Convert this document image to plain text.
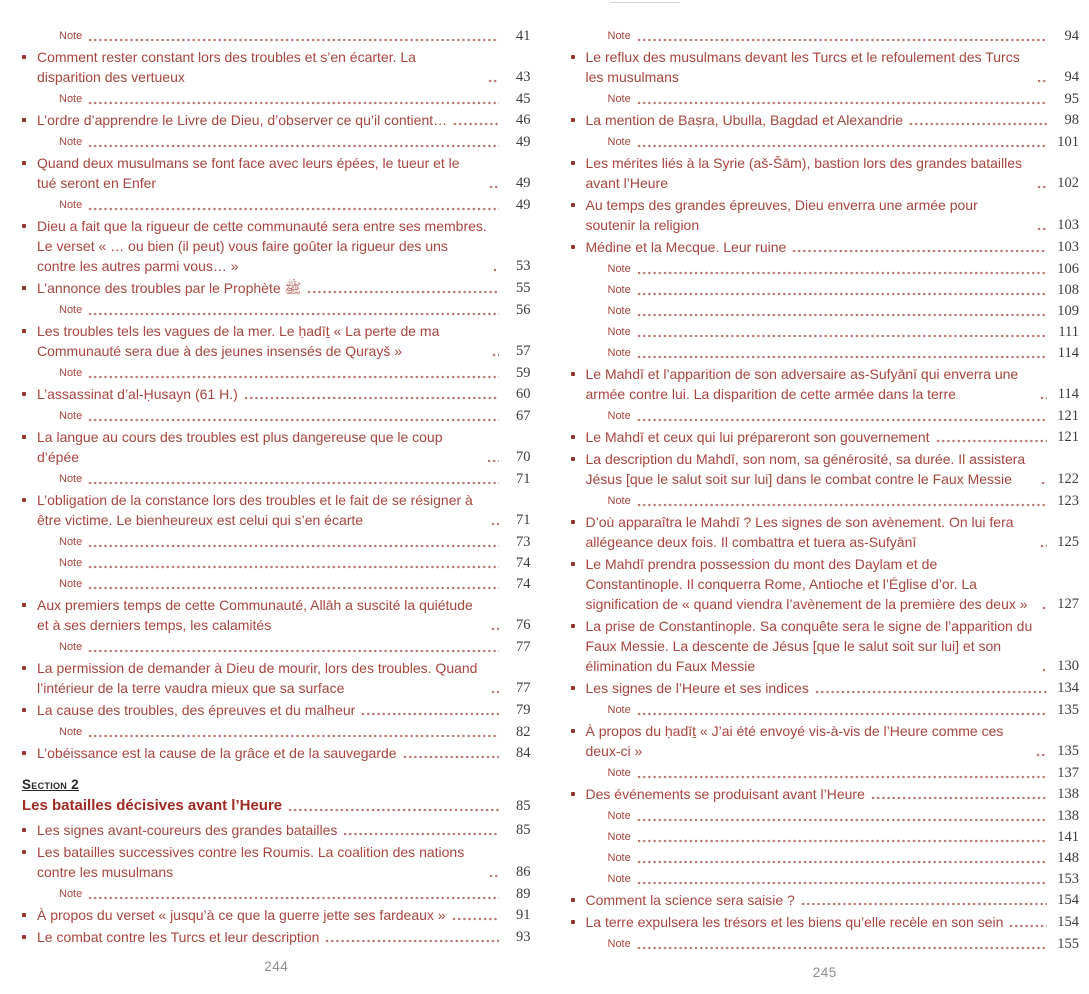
Note	41
Comment rester constant lors des troubles et s’en écarter. La disparition des vertueux	43
Note	45
L’ordre d’apprendre le Livre de Dieu, d’observer ce qu’il contient…	46
Note	49
Quand deux musulmans se font face avec leurs épées, le tueur et le tué seront en Enfer	49
Note	49
Dieu a fait que la rigueur de cette communauté sera entre ses membres. Le verset « … ou bien (il peut) vous faire goûter la rigueur des uns contre les autres parmi vous… »	53
L’annonce des troubles par le Prophète ﷺ	55
Note	56
Les troubles tels les vagues de la mer. Le ḥadīṯ « La perte de ma Communauté sera due à des jeunes insensés de Qurayš »	57
Note	59
L’assassinat d’al-Ḥusayn (61 H.)	60
Note	67
La langue au cours des troubles est plus dangereuse que le coup d’épée	70
Note	71
L’obligation de la constance lors des troubles et le fait de se résigner à être victime. Le bienheureux est celui qui s’en écarte	71
Note	73
Note	74
Note	74
Aux premiers temps de cette Communauté, Allāh a suscité la quiétude et à ses derniers temps, les calamités	76
Note	77
La permission de demander à Dieu de mourir, lors des troubles. Quand l’intérieur de la terre vaudra mieux que sa surface	77
La cause des troubles, des épreuves et du malheur	79
Note	82
L’obéissance est la cause de la grâce et de la sauvegarde	84
Section 2
Les batailles décisives avant l’Heure	85
Les signes avant-coureurs des grandes batailles	85
Les batailles successives contre les Roumis. La coalition des nations contre les musulmans	86
Note	89
À propos du verset « jusqu’à ce que la guerre jette ses fardeaux »	91
Le combat contre les Turcs et leur description	93
244
Note	94
Le reflux des musulmans devant les Turcs et le refoulement des Turcs les musulmans	94
Note	95
La mention de Baṣra, Ubulla, Bagdad et Alexandrie	98
Note	101
Les mérites liés à la Syrie (aš-Šām), bastion lors des grandes batailles avant l’Heure	102
Au temps des grandes épreuves, Dieu enverra une armée pour soutenir la religion	103
Médine et la Mecque. Leur ruine	103
Note	106
Note	108
Note	109
Note	111
Note	114
Le Mahdī et l’apparition de son adversaire as-Sufyānī qui enverra une armée contre lui. La disparition de cette armée dans la terre	114
Note	121
Le Mahdī et ceux qui lui prépareront son gouvernement	121
La description du Mahdī, son nom, sa générosité, sa durée. Il assistera Jésus [que le salut soit sur lui] dans le combat contre le Faux Messie	122
Note	123
D’où apparaîtra le Mahdī ? Les signes de son avènement. On lui fera allégeance deux fois. Il combattra et tuera as-Sufyānī	125
Le Mahdī prendra possession du mont des Daylam et de Constantinople. Il conquerra Rome, Antioche et l’Église d’or. La signification de « quand viendra l’avènement de la première des deux »	127
La prise de Constantinople. Sa conquête sera le signe de l’apparition du Faux Messie. La descente de Jésus [que le salut soit sur lui] et son élimination du Faux Messie	130
Les signes de l’Heure et ses indices	134
Note	135
À propos du ḥadīṯ « J’ai été envoyé vis-à-vis de l’Heure comme ces deux-ci »	135
Note	137
Des événements se produisant avant l’Heure	138
Note	138
Note	141
Note	148
Note	153
Comment la science sera saisie ?	154
La terre expulsera les trésors et les biens qu’elle recèle en son sein	154
Note	155
245
